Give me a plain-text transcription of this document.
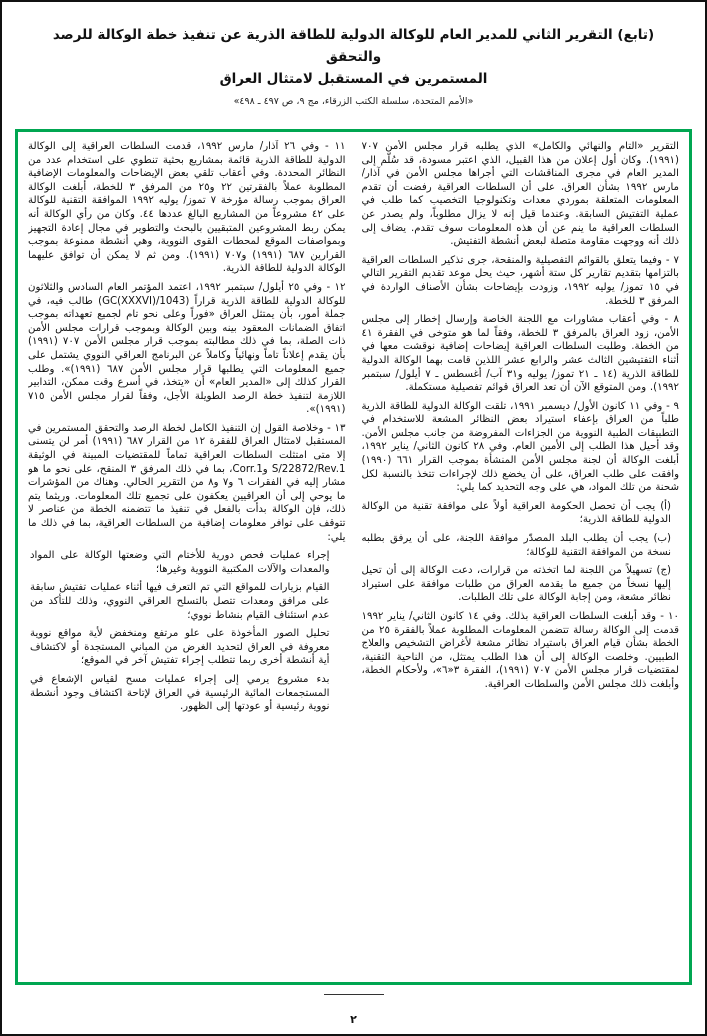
(تابع) التقرير الثاني للمدير العام للوكالة الدولية للطاقة الذرية عن تنفيذ خطة الوكالة للرصد والتحقق
المستمرين في المستقبل لامتثال العراق
«الأمم المتحدة، سلسلة الكتب الزرقاء، مج ٩، ص ٤٩٧ ـ ٤٩٨»

التقرير «التام والنهائي والكامل» الذي يطلبه قرار مجلس الأمن ٧٠٧ (١٩٩١). وكان أول إعلان من هذا القبيل، الذي اعتبر مسودة، قد سُلّم إلى المدير العام في مجرى المناقشات التي أجراها مجلس الأمن في آذار/ مارس ١٩٩٢ بشأن العراق. على أن السلطات العراقية رفضت أن تقدم المعلومات المتعلقة بموردي معدات وتكنولوجيا التخصيب كما طلب في عملية التفتيش السابقة. وعندما قيل إنه لا يزال مطلوباً، ولم يصدر عن السلطات العراقية ما ينم عن أن هذه المعلومات سوف تقدم. يضاف إلى ذلك أنه ووجهت مقاومة متصلة لبعض أنشطة التفتيش.

٧ - وفيما يتعلق بالقوائم التفصيلية والمنقحة، جرى تذكير السلطات العراقية بالتزامها بتقديم تقارير كل ستة أشهر، حيث يحل موعد تقديم التقرير التالي في ١٥ تموز/ يوليه ١٩٩٢، وزودت بإيضاحات بشأن الأصناف الواردة في المرفق ٣ للخطة.

٨ - وفي أعقاب مشاورات مع اللجنة الخاصة وإرسال إخطار إلى مجلس الأمن، زود العراق بالمرفق ٣ للخطة، وفقاً لما هو متوخى في الفقرة ٤١ من الخطة. وطلبت السلطات العراقية إيضاحات إضافية نوقشت معها في أثناء التفتيشين الثالث عشر والرابع عشر اللذين قامت بهما الوكالة الدولية للطاقة الذرية (١٤ ـ ٢١ تموز/ يوليه و٣١ آب/ أغسطس ـ ٧ أيلول/ سبتمبر ١٩٩٢). ومن المتوقع الآن أن تعد العراق قوائم تفصيلية مستكملة.

٩ - وفي ١١ كانون الأول/ ديسمبر ١٩٩١، تلقت الوكالة الدولية للطاقة الذرية طلباً من العراق بإعفاء استيراد بعض النظائر المشعة للاستخدام في التطبيقات الطبية النووية من الجزاءات المفروضة من جانب مجلس الأمن. وقد أحيل هذا الطلب إلى الأمين العام. وفي ٢٨ كانون الثاني/ يناير ١٩٩٢، أبلغت الوكالة أن لجنة مجلس الأمن المنشأة بموجب القرار ٦٦١ (١٩٩٠) وافقت على طلب العراق، على أن يخضع ذلك لإجراءات تتخذ بالنسبة لكل شحنة من تلك المواد، هي على وجه التحديد كما يلي:

(أ) يجب أن تحصل الحكومة العراقية أولاً على موافقة تقنية من الوكالة الدولية للطاقة الذرية؛

(ب) يجب أن يطلب البلد المصدّر موافقة اللجنة، على أن يرفق بطلبه نسخة من الموافقة التقنية للوكالة؛

(ج) تسهيلاً من اللجنة لما اتخذته من قرارات، دعت الوكالة إلى أن تحيل إليها نسخاً من جميع ما يقدمه العراق من طلبات موافقة على استيراد نظائر مشعة، ومن إجابة الوكالة على تلك الطلبات.

١٠ - وقد أبلغت السلطات العراقية بذلك. وفي ١٤ كانون الثاني/ يناير ١٩٩٢ قدمت إلى الوكالة رسالة تتضمن المعلومات المطلوبة عملاً بالفقرة ٢٥ من الخطة بشأن قيام العراق باستيراد نظائر مشعة لأغراض التشخيص والعلاج الطبيين. وخلصت الوكالة إلى أن هذا الطلب يمتثل، من الناحية التقنية، لمقتضيات قرار مجلس الأمن ٧٠٧ (١٩٩١)، الفقرة ٣«٦»، ولأحكام الخطة، وأبلغت ذلك مجلس الأمن والسلطات العراقية.

١١ - وفي ٢٦ آذار/ مارس ١٩٩٢، قدمت السلطات العراقية إلى الوكالة الدولية للطاقة الذرية قائمة بمشاريع بحثية تنطوي على استخدام عدد من النظائر المحددة. وفي أعقاب تلقي بعض الإيضاحات والمعلومات الإضافية المطلوبة عملاً بالفقرتين ٢٢ و٢٥ من المرفق ٣ للخطة، أبلغت الوكالة العراق بموجب رسالة مؤرخة ٧ تموز/ يوليه ١٩٩٢ الموافقة التقنية للوكالة على ٤٢ مشروعاً من المشاريع البالغ عددها ٤٤. وكان من رأي الوكالة أنه يمكن ربط المشروعين المتبقيين بالبحث والتطوير في مجال إعادة التجهيز وبمواصفات الموقع لمحطات القوى النووية، وهي أنشطة ممنوعة بموجب القرارين ٦٨٧ (١٩٩١) و٧٠٧ (١٩٩١). ومن ثم لا يمكن أن توافق عليهما الوكالة الدولية للطاقة الذرية.

١٢ - وفي ٢٥ أيلول/ سبتمبر ١٩٩٢، اعتمد المؤتمر العام السادس والثلاثون للوكالة الدولية للطاقة الذرية قراراً (GC(XXXVI)/1043) طالب فيه، في جملة أمور، بأن يمتثل العراق «فوراً وعلى نحو تام لجميع تعهداته بموجب اتفاق الضمانات المعقود بينه وبين الوكالة وبموجب قرارات مجلس الأمن ذات الصلة، بما في ذلك مطالبته بموجب قرار مجلس الأمن ٧٠٧ (١٩٩١) بأن يقدم إعلاناً تاماً ونهائياً وكاملاً عن البرنامج العراقي النووي يشتمل على جميع المعلومات التي يطلبها قرار مجلس الأمن ٦٨٧ (١٩٩١)». وطلب القرار كذلك إلى «المدير العام» أن «يتخذ، في أسرع وقت ممكن، التدابير اللازمة لتنفيذ خطة الرصد الطويلة الأجل، وفقاً لقرار مجلس الأمن ٧١٥ (١٩٩١)».

١٣ - وخلاصة القول إن التنفيذ الكامل لخطة الرصد والتحقق المستمرين في المستقبل لامتثال العراق للفقرة ١٢ من القرار ٦٨٧ (١٩٩١) أمر لن يتسنى إلا متى امتثلت السلطات العراقية تماماً للمقتضيات المبينة في الوثيقة S/22872/Rev.1 وCorr.1، بما في ذلك المرفق ٣ المنقح، على نحو ما هو مشار إليه في الفقرات ٦ و٧ و٨ من التقرير الحالي. وهناك من المؤشرات ما يوحي إلى أن العراقيين يعكفون على تجميع تلك المعلومات. وريثما يتم ذلك، فإن الوكالة بدأت بالفعل في تنفيذ ما تتضمنه الخطة من عناصر لا تتوقف على توافر معلومات إضافية من السلطات العراقية، بما في ذلك ما يلي:

إجراء عمليات فحص دورية للأختام التي وضعتها الوكالة على المواد والمعدات والآلات المكتبية النووية وغيرها؛

القيام بزيارات للمواقع التي تم التعرف فيها أثناء عمليات تفتيش سابقة على مرافق ومعدات تتصل بالتسلح العراقي النووي، وذلك للتأكد من عدم استئناف القيام بنشاط نووي؛

تحليل الصور المأخوذة على علو مرتفع ومنخفض لأية مواقع نووية معروفة في العراق لتحديد الغرض من المباني المستجدة أو لاكتشاف أية أنشطة أخرى ربما تتطلب إجراء تفتيش آخر في الموقع؛

بدء مشروع يرمي إلى إجراء عمليات مسح لقياس الإشعاع في المستجمعات المائية الرئيسية في العراق لإتاحة اكتشاف وجود أنشطة نووية رئيسية أو عودتها إلى الظهور.

٢
